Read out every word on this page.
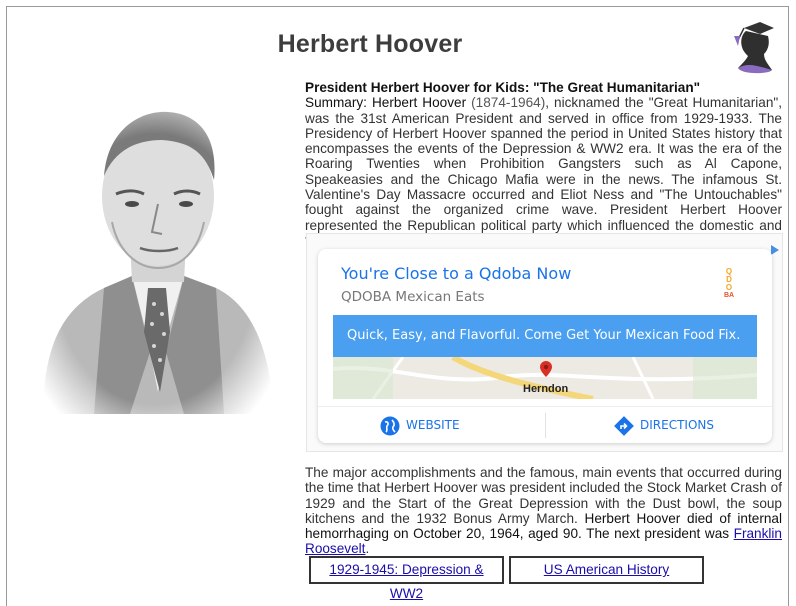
Herbert Hoover
President Herbert Hoover for Kids: "The Great Humanitarian"
Summary: Herbert Hoover (1874-1964), nicknamed the "Great Humanitarian", was the 31st American President and served in office from 1929-1933. The Presidency of Herbert Hoover spanned the period in United States history that encompasses the events of the Depression & WW2 era. It was the era of the Roaring Twenties when Prohibition Gangsters such as Al Capone, Speakeasies and the Chicago Mafia were in the news. The infamous St. Valentine's Day Massacre occurred and Eliot Ness and "The Untouchables" fought against the organized crime wave. President Herbert Hoover represented the Republican political party which influenced the domestic and
You're Close to a Qdoba Now
QDOBA Mexican Eats
Q
D
O
BA
Quick, Easy, and Flavorful. Come Get Your Mexican Food Fix.
Herndon
WEBSITE	DIRECTIONS
The major accomplishments and the famous, main events that occurred during the time that Herbert Hoover was president included the Stock Market Crash of 1929 and the Start of the Great Depression with the Dust bowl, the soup kitchens and the 1932 Bonus Army March. Herbert Hoover died of internal hemorrhaging on October 20, 1964, aged 90. The next president was Franklin Roosevelt.
1929-1945: Depression & WW2
US American History
